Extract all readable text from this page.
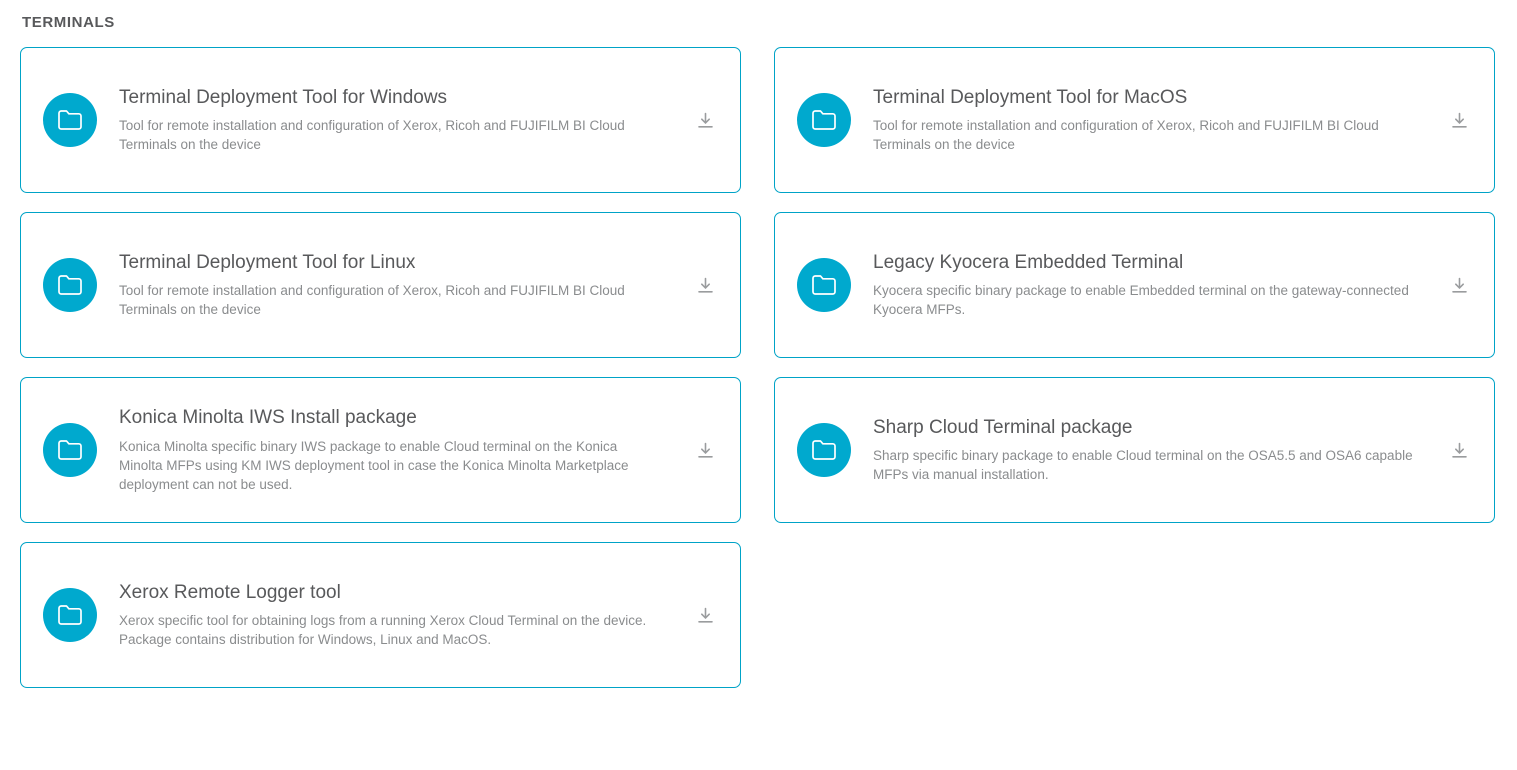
TERMINALS
Terminal Deployment Tool for Windows

Tool for remote installation and configuration of Xerox, Ricoh and FUJIFILM BI Cloud Terminals on the device

Terminal Deployment Tool for MacOS

Tool for remote installation and configuration of Xerox, Ricoh and FUJIFILM BI Cloud Terminals on the device

Terminal Deployment Tool for Linux

Tool for remote installation and configuration of Xerox, Ricoh and FUJIFILM BI Cloud Terminals on the device

Legacy Kyocera Embedded Terminal

Kyocera specific binary package to enable Embedded terminal on the gateway-connected Kyocera MFPs.

Konica Minolta IWS Install package

Konica Minolta specific binary IWS package to enable Cloud terminal on the Konica Minolta MFPs using KM IWS deployment tool in case the Konica Minolta Marketplace deployment can not be used.

Sharp Cloud Terminal package

Sharp specific binary package to enable Cloud terminal on the OSA5.5 and OSA6 capable MFPs via manual installation.

Xerox Remote Logger tool

Xerox specific tool for obtaining logs from a running Xerox Cloud Terminal on the device. Package contains distribution for Windows, Linux and MacOS.
